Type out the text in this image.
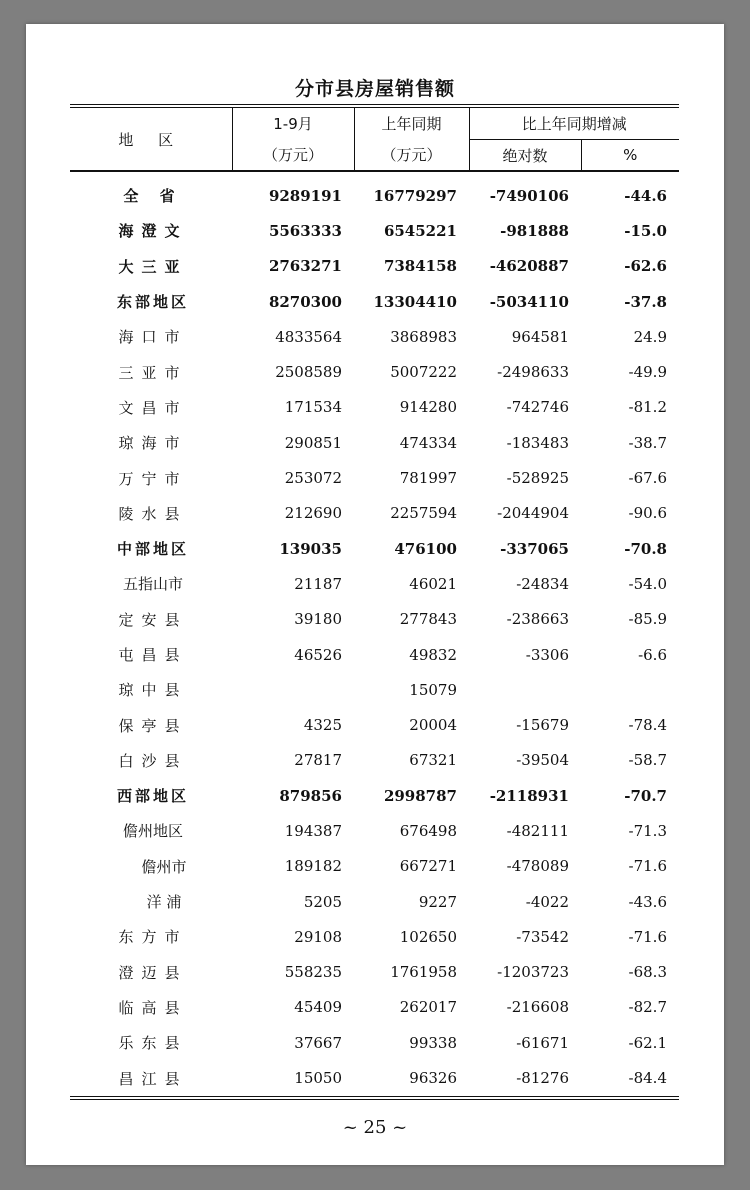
分市县房屋销售额

地 区	1-9月	上年同期	比上年同期增减	
	（万元）	（万元）	绝对数	%
全 省	9289191	16779297	-7490106	-44.6
海澄文	5563333	6545221	-981888	-15.0
大三亚	2763271	7384158	-4620887	-62.6
东部地区	8270300	13304410	-5034110	-37.8
海口市	4833564	3868983	964581	24.9
三亚市	2508589	5007222	-2498633	-49.9
文昌市	171534	914280	-742746	-81.2
琼海市	290851	474334	-183483	-38.7
万宁市	253072	781997	-528925	-67.6
陵水县	212690	2257594	-2044904	-90.6
中部地区	139035	476100	-337065	-70.8
五指山市	21187	46021	-24834	-54.0
定安县	39180	277843	-238663	-85.9
屯昌县	46526	49832	-3306	-6.6
琼中县		15079		
保亭县	4325	20004	-15679	-78.4
白沙县	27817	67321	-39504	-58.7
西部地区	879856	2998787	-2118931	-70.7
儋州地区	194387	676498	-482111	-71.3
儋州市	189182	667271	-478089	-71.6
洋 浦	5205	9227	-4022	-43.6
东方市	29108	102650	-73542	-71.6
澄迈县	558235	1761958	-1203723	-68.3
临高县	45409	262017	-216608	-82.7
乐东县	37667	99338	-61671	-62.1
昌江县	15050	96326	-81276	-84.4

~ 25 ~
